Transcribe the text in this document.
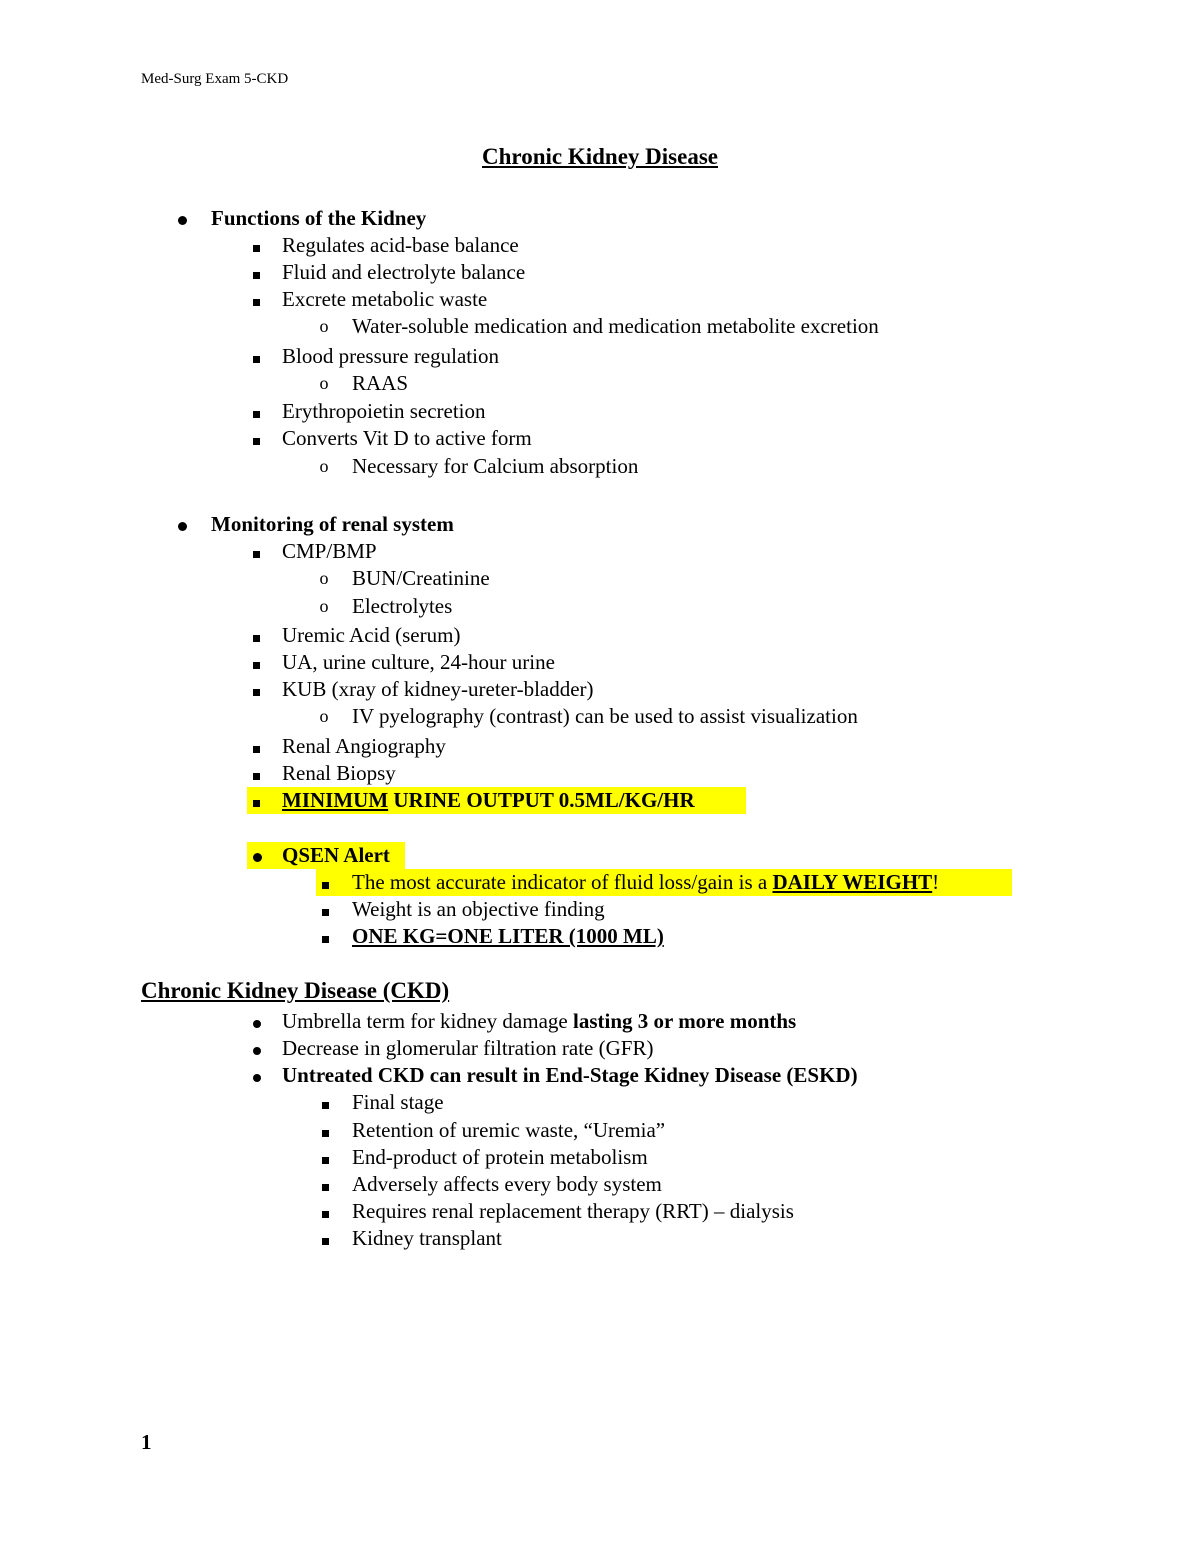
Med-Surg Exam 5-CKD
Chronic Kidney Disease
Functions of the Kidney
Regulates acid-base balance
Fluid and electrolyte balance
Excrete metabolic waste
o Water-soluble medication and medication metabolite excretion
Blood pressure regulation
o RAAS
Erythropoietin secretion
Converts Vit D to active form
o Necessary for Calcium absorption
Monitoring of renal system
CMP/BMP
o BUN/Creatinine
o Electrolytes
Uremic Acid (serum)
UA, urine culture, 24-hour urine
KUB (xray of kidney-ureter-bladder)
o IV pyelography (contrast) can be used to assist visualization
Renal Angiography
Renal Biopsy
MINIMUM URINE OUTPUT 0.5ML/KG/HR
QSEN Alert
The most accurate indicator of fluid loss/gain is a DAILY WEIGHT!
Weight is an objective finding
ONE KG=ONE LITER (1000 ML)
Chronic Kidney Disease (CKD)
Umbrella term for kidney damage lasting 3 or more months
Decrease in glomerular filtration rate (GFR)
Untreated CKD can result in End-Stage Kidney Disease (ESKD)
Final stage
Retention of uremic waste, “Uremia”
End-product of protein metabolism
Adversely affects every body system
Requires renal replacement therapy (RRT) – dialysis
Kidney transplant
1
